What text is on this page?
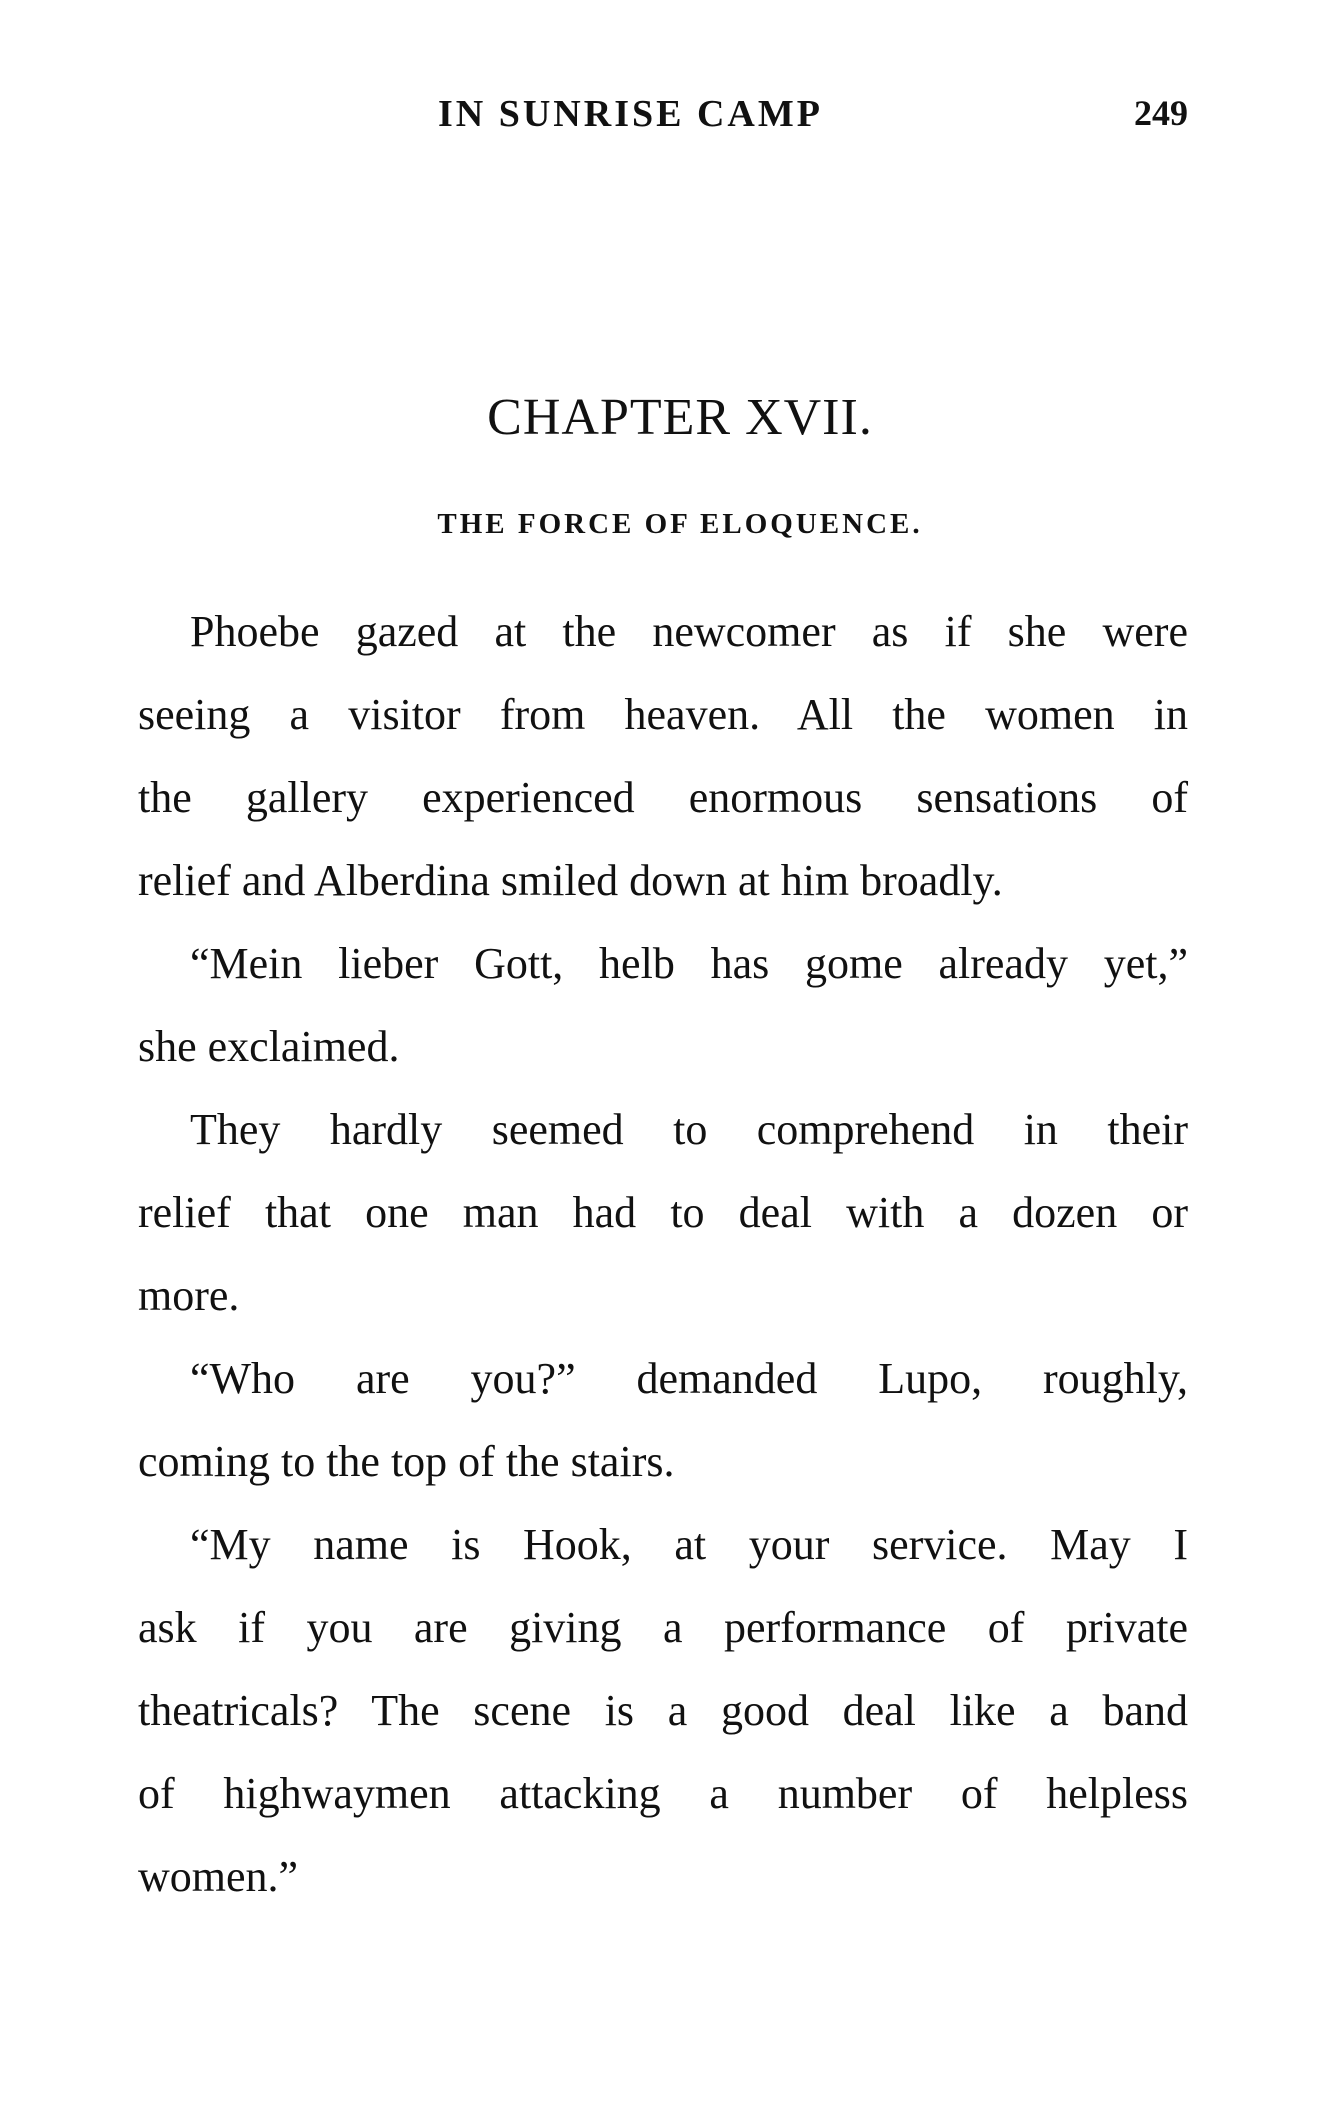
IN SUNRISE CAMP	249
CHAPTER XVII.
THE FORCE OF ELOQUENCE.
Phoebe gazed at the newcomer as if she were
seeing a visitor from heaven. All the women in
the gallery experienced enormous sensations of
relief and Alberdina smiled down at him broadly.
“Mein lieber Gott, helb has gome already yet,”
she exclaimed.
They hardly seemed to comprehend in their
relief that one man had to deal with a dozen or
more.
“Who are you?” demanded Lupo, roughly,
coming to the top of the stairs.
“My name is Hook, at your service. May I
ask if you are giving a performance of private
theatricals? The scene is a good deal like a band
of highwaymen attacking a number of helpless
women.”
